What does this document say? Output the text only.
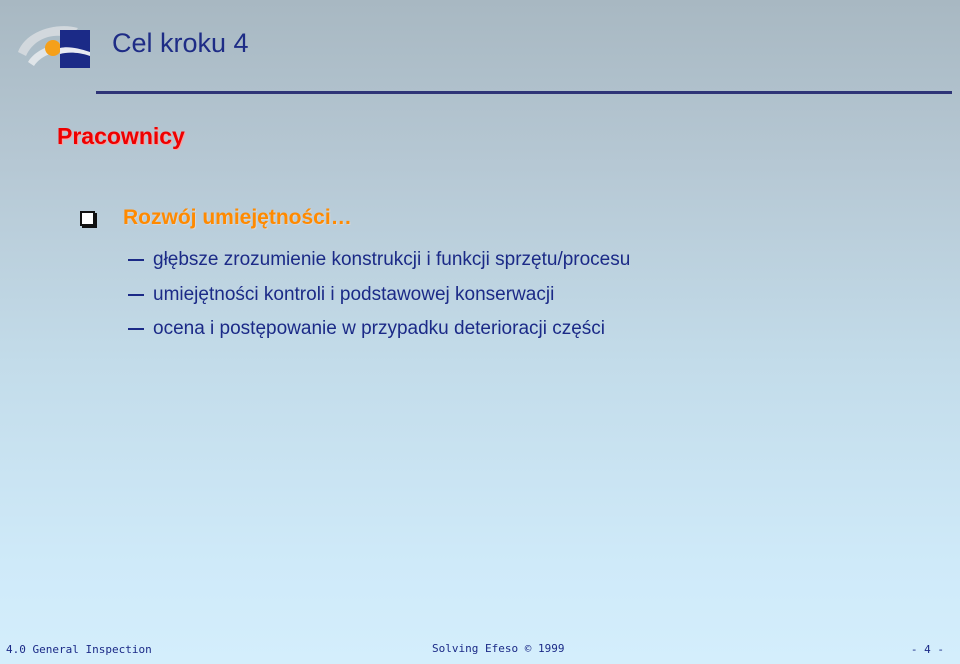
Cel kroku 4
Pracownicy
Rozwój umiejętności…
głębsze zrozumienie konstrukcji i funkcji sprzętu/procesu
umiejętności kontroli i podstawowej konserwacji
ocena i postępowanie w przypadku deterioracji części
4.0 General Inspection	Solving Efeso © 1999	- 4 -
